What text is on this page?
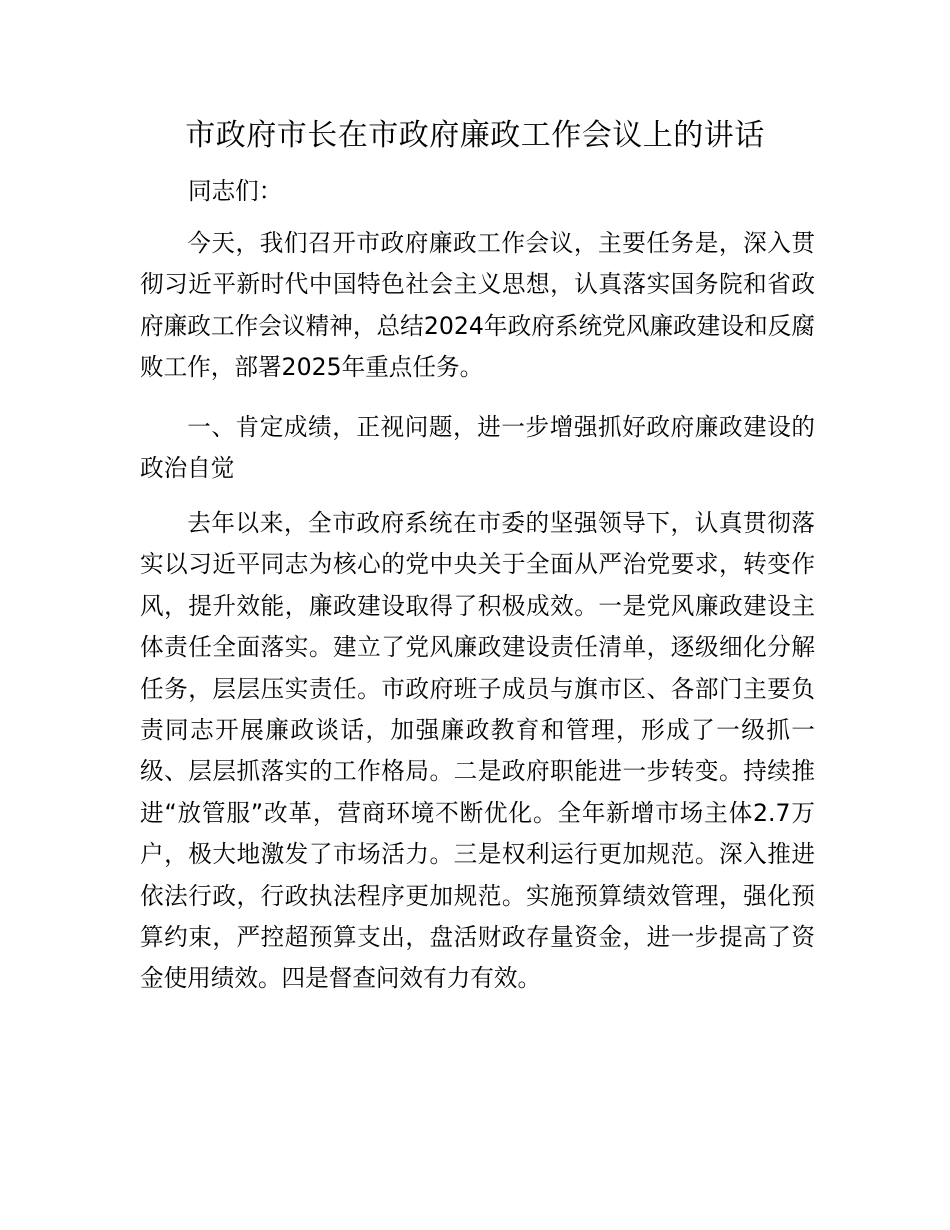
市政府市长在市政府廉政工作会议上的讲话

同志们：

今天，我们召开市政府廉政工作会议，主要任务是，深入贯彻习近平新时代中国特色社会主义思想，认真落实国务院和省政府廉政工作会议精神，总结2024年政府系统党风廉政建设和反腐败工作，部署2025年重点任务。

一、肯定成绩，正视问题，进一步增强抓好政府廉政建设的政治自觉

去年以来，全市政府系统在市委的坚强领导下，认真贯彻落实以习近平同志为核心的党中央关于全面从严治党要求，转变作风，提升效能，廉政建设取得了积极成效。一是党风廉政建设主体责任全面落实。建立了党风廉政建设责任清单，逐级细化分解任务，层层压实责任。市政府班子成员与旗市区、各部门主要负责同志开展廉政谈话，加强廉政教育和管理，形成了一级抓一级、层层抓落实的工作格局。二是政府职能进一步转变。持续推进“放管服”改革，营商环境不断优化。全年新增市场主体2.7万户，极大地激发了市场活力。三是权利运行更加规范。深入推进依法行政，行政执法程序更加规范。实施预算绩效管理，强化预算约束，严控超预算支出，盘活财政存量资金，进一步提高了资金使用绩效。四是督查问效有力有效。
